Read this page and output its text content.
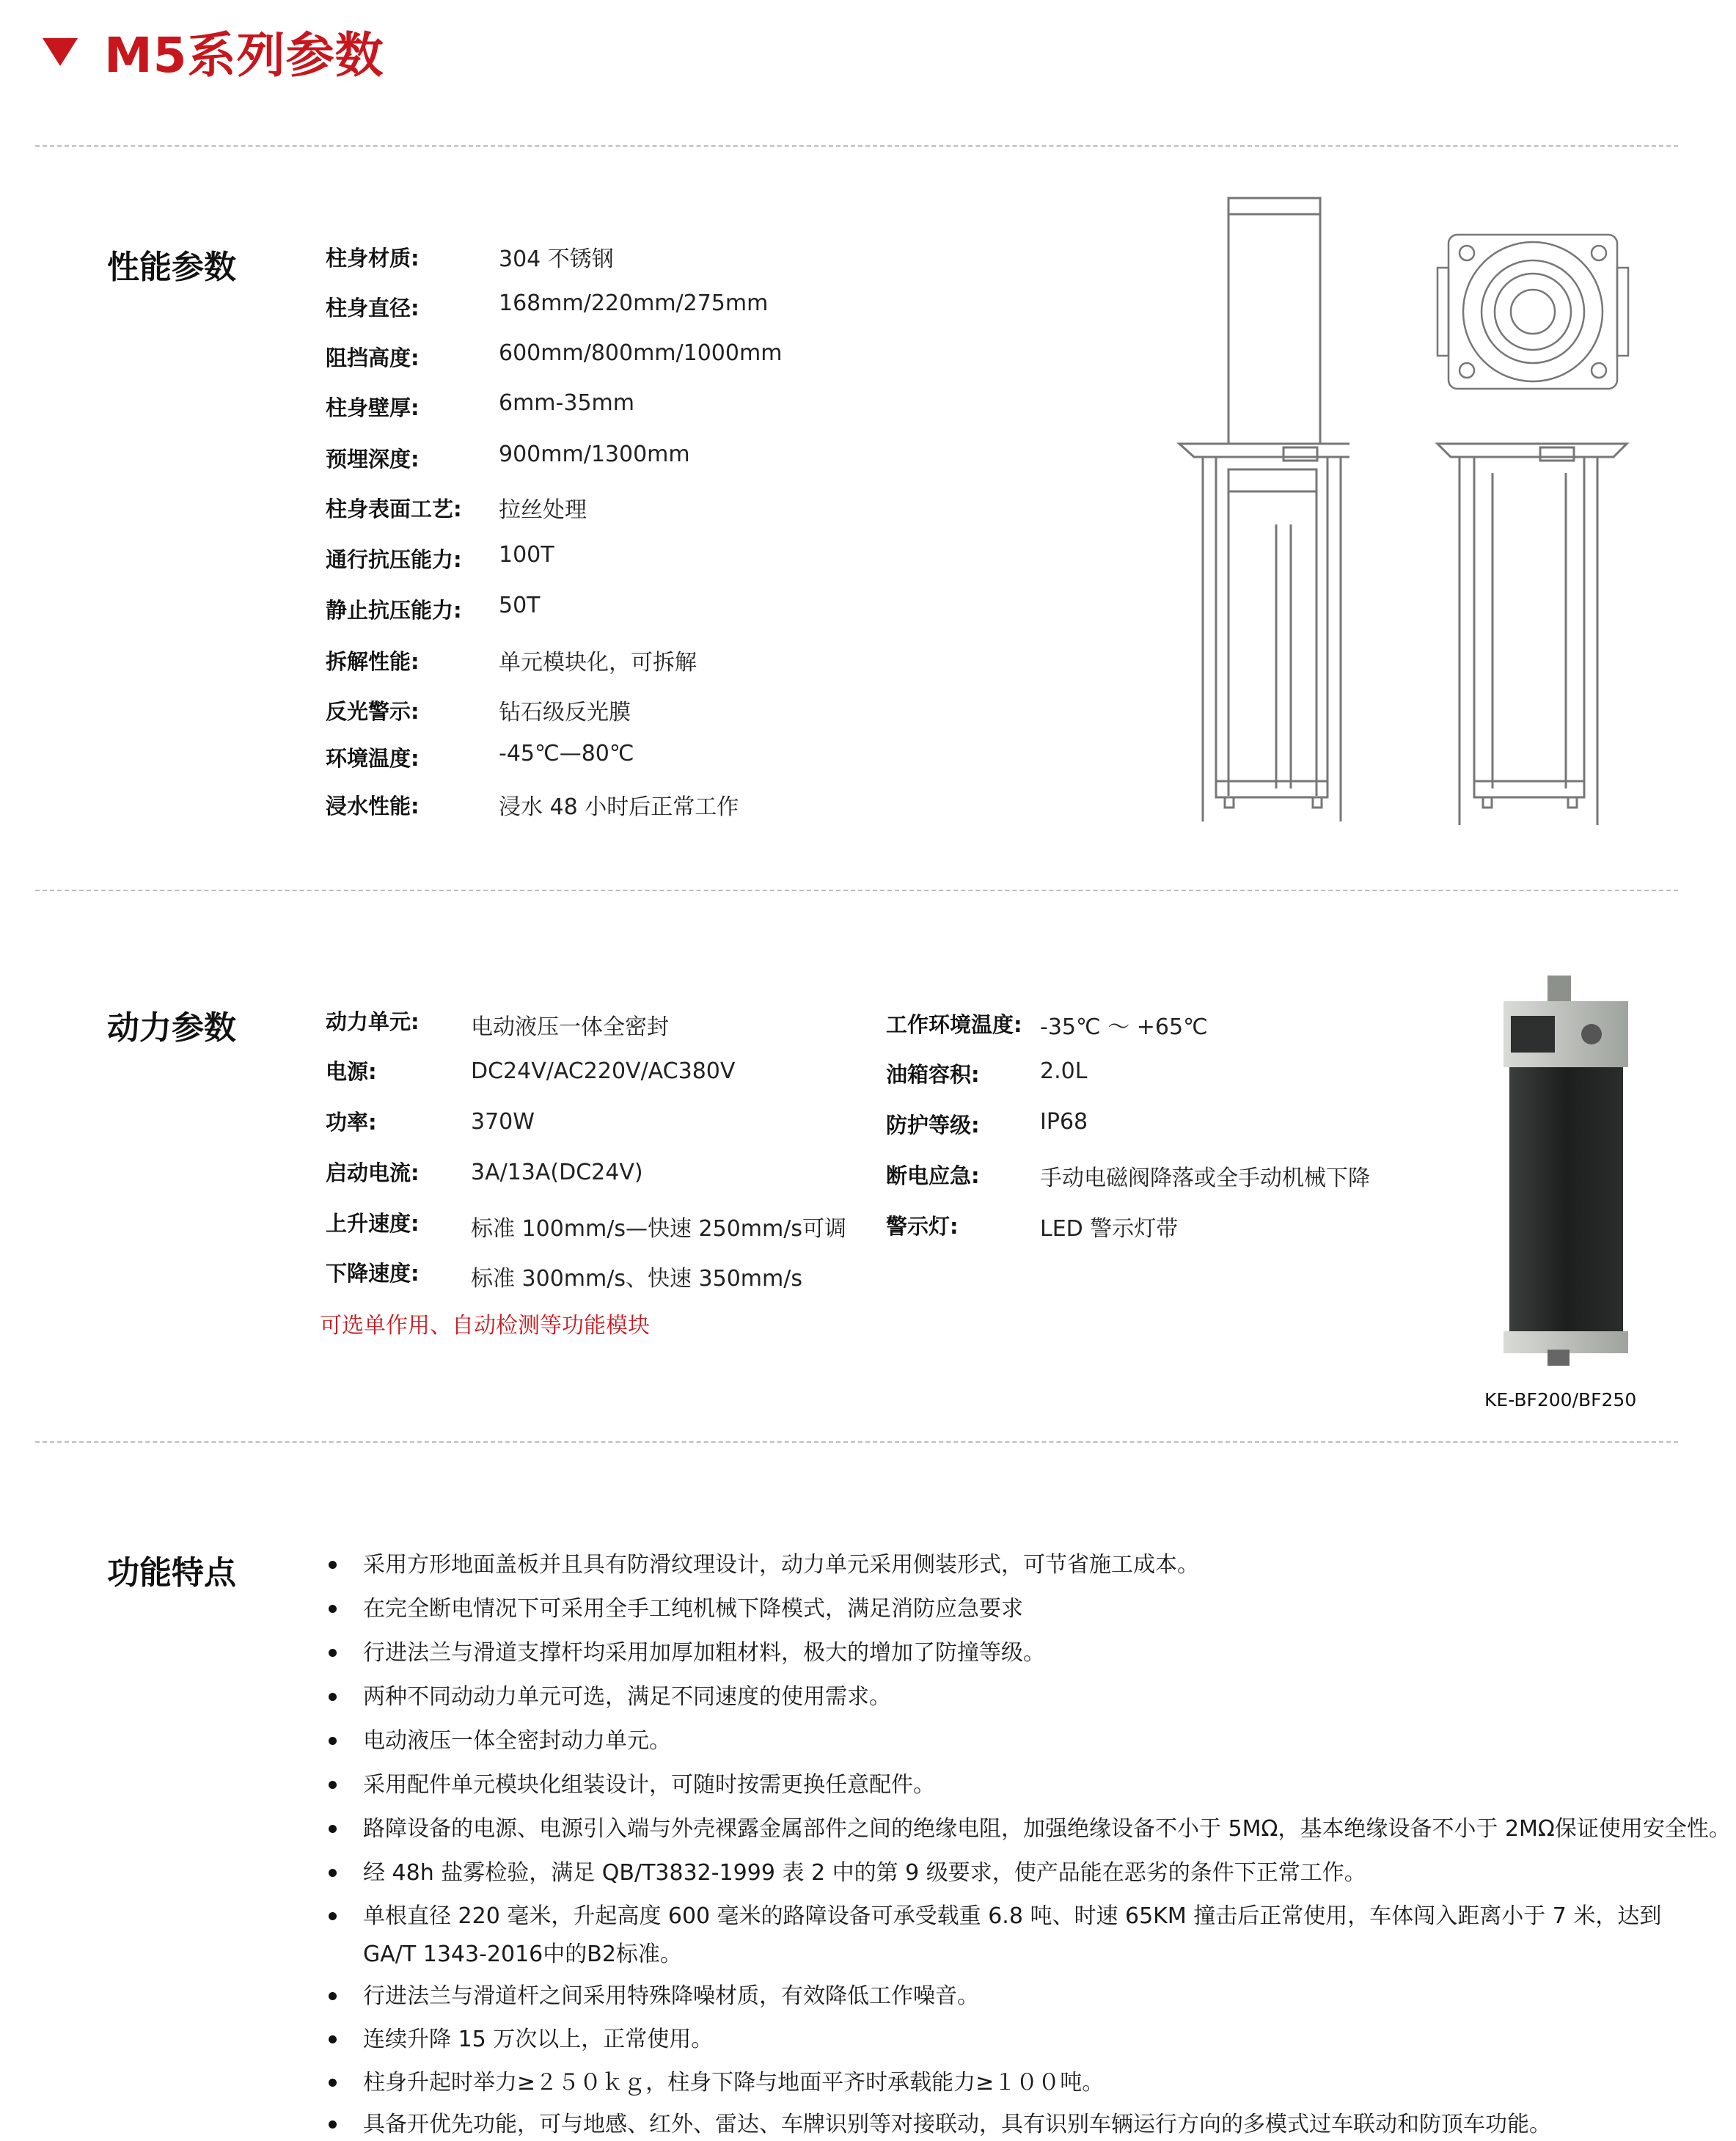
M5系列参数
性能参数	柱身材质:	304 不锈钢
柱身直径:	168mm/220mm/275mm
阻挡高度:	600mm/800mm/1000mm
柱身壁厚:	6mm-35mm
预埋深度:	900mm/1300mm
柱身表面工艺: 拉丝处理
通行抗压能力: 100T
静止抗压能力: 50T
拆解性能:	单元模块化，可拆解
反光警示:	钻石级反光膜
环境温度:	-45℃—80℃
浸水性能:	浸水 48 小时后正常工作
动力参数	动力单元: 电动液压一体全密封
电源:	DC24V/AC220V/AC380V
功率:	370W
启动电流: 3A/13A(DC24V)
上升速度: 标准 100mm/s—快速 250mm/s可调
下降速度: 标准 300mm/s、快速 350mm/s
工作环境温度: -35℃ ～ +65℃
油箱容积:	2.0L
防护等级:	IP68
断电应急:	手动电磁阀降落或全手动机械下降
警示灯:	LED 警示灯带
可选单作用、自动检测等功能模块
KE-BF200/BF250
功能特点	采用方形地面盖板并且具有防滑纹理设计，动力单元采用侧装形式，可节省施工成本。
在完全断电情况下可采用全手工纯机械下降模式，满足消防应急要求
行进法兰与滑道支撑杆均采用加厚加粗材料，极大的增加了防撞等级。
两种不同动动力单元可选，满足不同速度的使用需求。
电动液压一体全密封动力单元。
采用配件单元模块化组装设计，可随时按需更换任意配件。
路障设备的电源、电源引入端与外壳裸露金属部件之间的绝缘电阻，加强绝缘设备不小于 5MΩ，基本绝缘设备不小于 2MΩ保证使用安全性。
经 48h 盐雾检验，满足 QB/T3832-1999 表 2 中的第 9 级要求，使产品能在恶劣的条件下正常工作。
单根直径 220 毫米，升起高度 600 毫米的路障设备可承受载重 6.8 吨、时速 65KM 撞击后正常使用，车体闯入距离小于 7 米，达到
GA/T 1343-2016中的B2标准。
行进法兰与滑道杆之间采用特殊降噪材质，有效降低工作噪音。
连续升降 15 万次以上，正常使用。
柱身升起时举力≥２５０ｋｇ，柱身下降与地面平齐时承载能力≥１００吨。
具备开优先功能，可与地感、红外、雷达、车牌识别等对接联动，具有识别车辆运行方向的多模式过车联动和防顶车功能。
